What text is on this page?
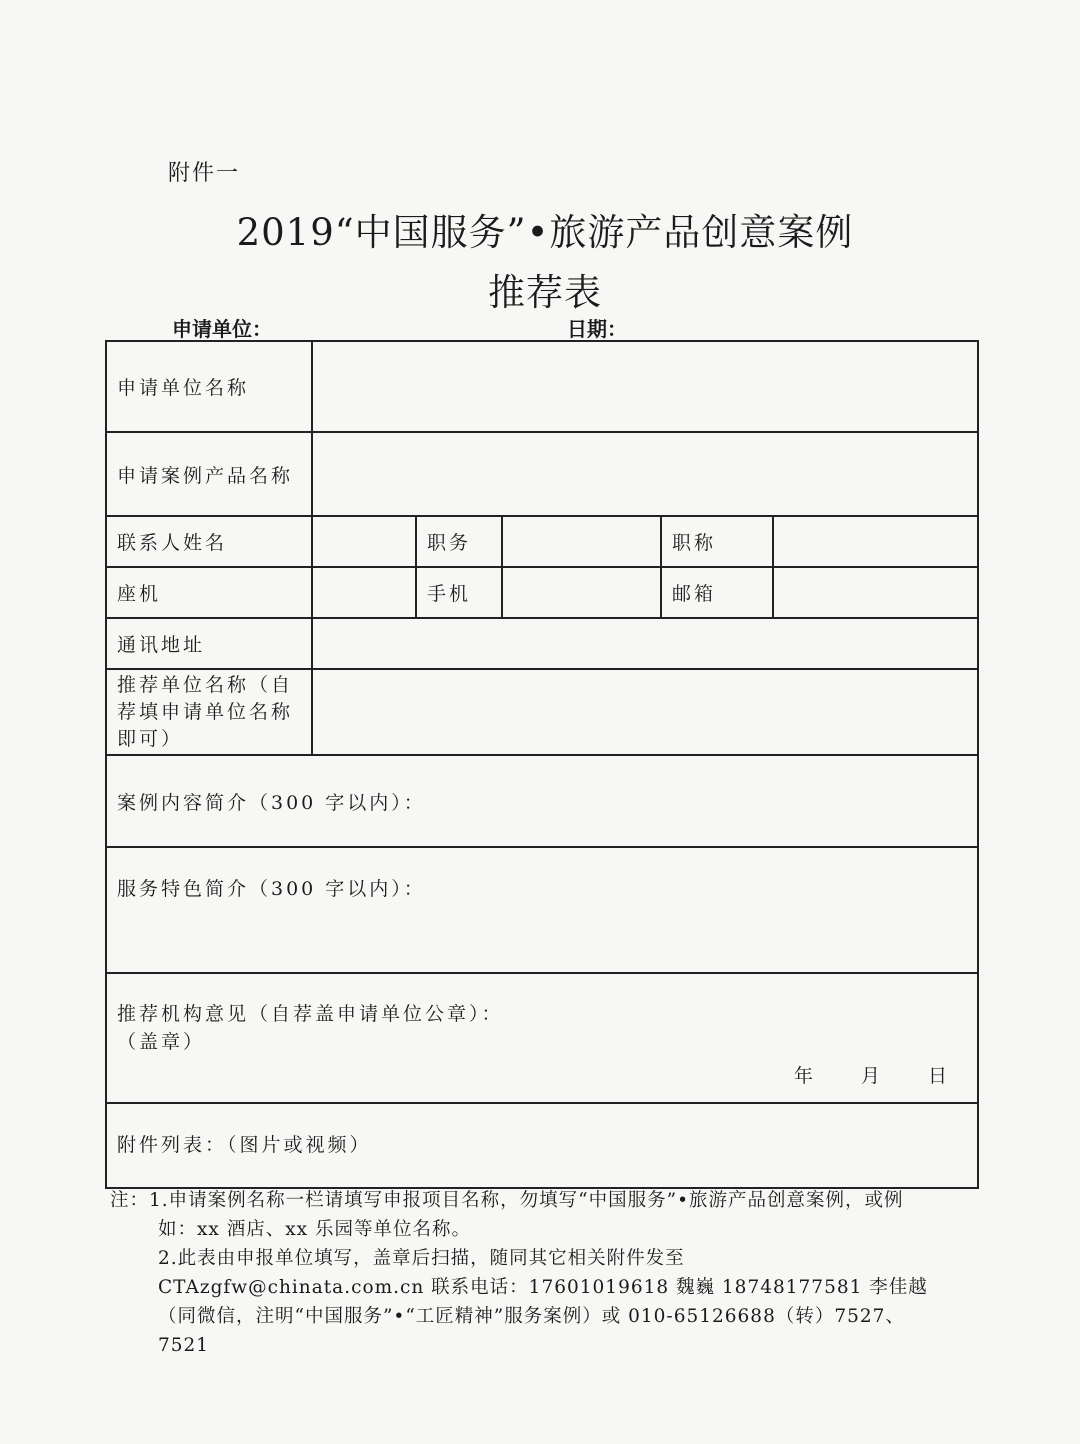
附件一
2019“中国服务”•旅游产品创意案例
推荐表
申请单位：	日期：
申请单位名称					
申请案例产品名称					
联系人姓名		职务		职称	
座机		手机		邮箱	
通讯地址					
推荐单位名称（自荐填申请单位名称即可）					
案例内容简介（300 字以内）：					
服务特色简介（300 字以内）：					

推荐机构意见（自荐盖申请单位公章）：
（盖章）
年 月 日					

附件列表：（图片或视频）					

注：1.申请案例名称一栏请填写申报项目名称，勿填写“中国服务”•旅游产品创意案例，或例如：xx 酒店、xx 乐园等单位名称。

2.此表由申报单位填写，盖章后扫描，随同其它相关附件发至

CTAzgfw@chinata.com.cn 联系电话：17601019618 魏巍 18748177581 李佳越（同微信，注明“中国服务”•“工匠精神”服务案例）或 010-65126688（转）7527、7521
